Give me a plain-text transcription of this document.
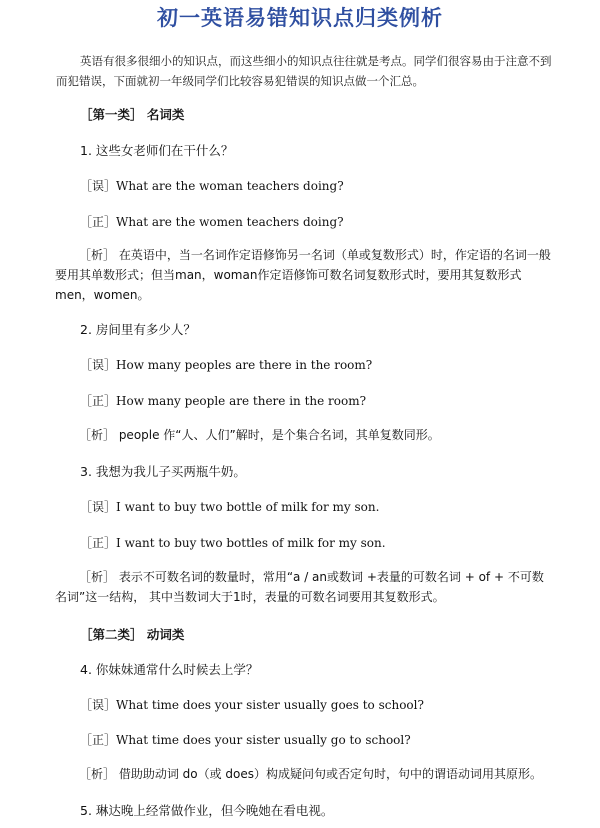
初一英语易错知识点归类例析
英语有很多很细小的知识点，而这些细小的知识点往往就是考点。同学们很容易由于注意不到而犯错误，下面就初一年级同学们比较容易犯错误的知识点做一个汇总。
［第一类］ 名词类
1. 这些女老师们在干什么？
［误］What are the woman teachers doing?
［正］What are the women teachers doing?
［析］ 在英语中，当一名词作定语修饰另一名词（单或复数形式）时，作定语的名词一般要用其单数形式；但当man，woman作定语修饰可数名词复数形式时，要用其复数形式men，women。
2. 房间里有多少人？
［误］How many peoples are there in the room?
［正］How many people are there in the room?
［析］ people 作“人、人们”解时，是个集合名词，其单复数同形。
3. 我想为我儿子买两瓶牛奶。
［误］I want to buy two bottle of milk for my son.
［正］I want to buy two bottles of milk for my son.
［析］ 表示不可数名词的数量时，常用“a / an或数词 +表量的可数名词 + of + 不可数名词”这一结构， 其中当数词大于1时，表量的可数名词要用其复数形式。
［第二类］ 动词类
4. 你妹妹通常什么时候去上学？
［误］What time does your sister usually goes to school?
［正］What time does your sister usually go to school?
［析］ 借助助动词 do（或 does）构成疑问句或否定句时，句中的谓语动词用其原形。
5. 琳达晚上经常做作业，但今晚她在看电视。
